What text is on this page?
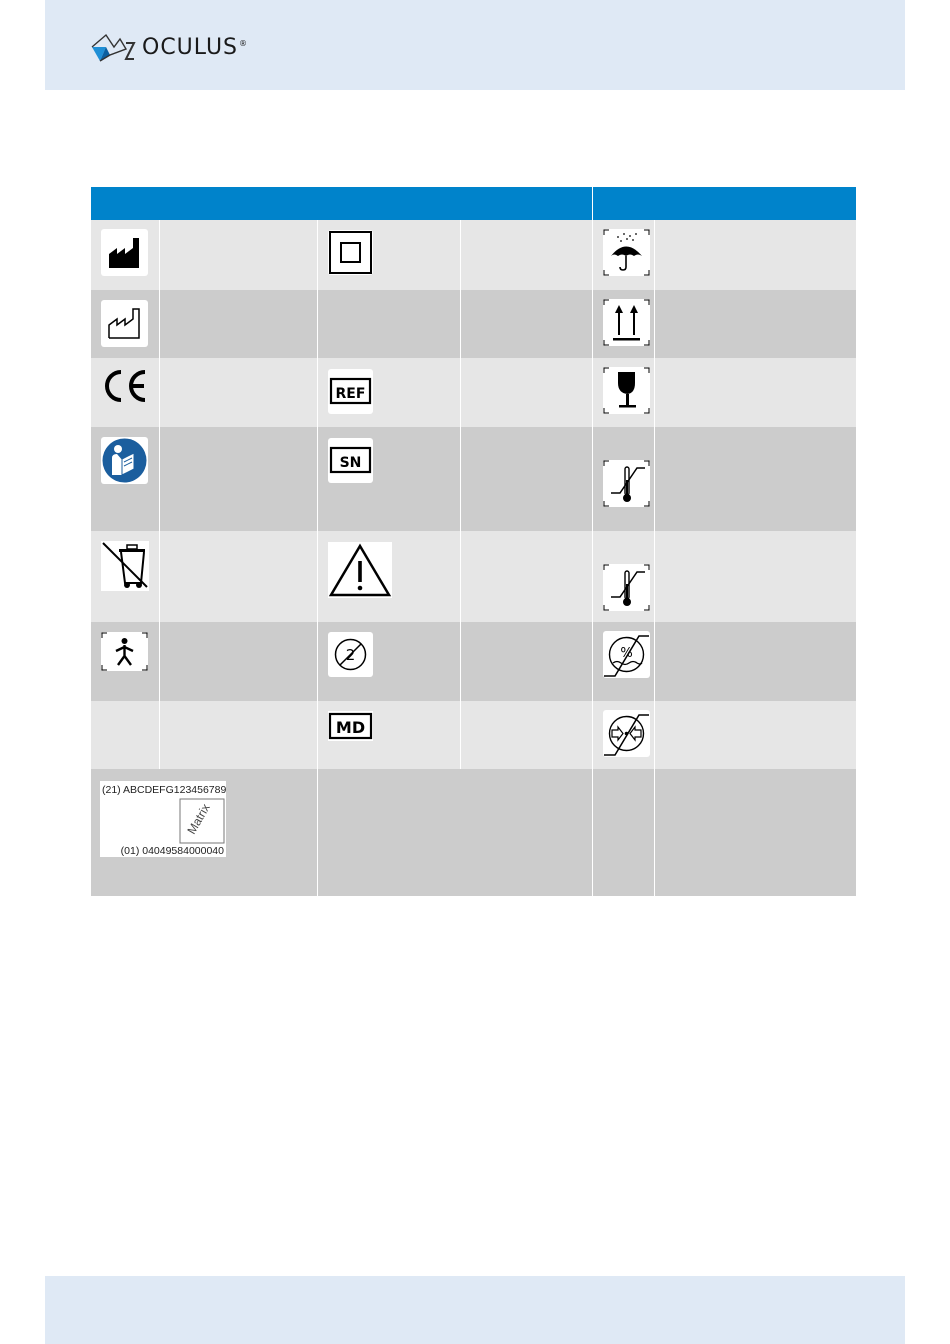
OCULUS®
REF
SN
2	%
MD
(21) ABCDEFG123456789
Matrix
(01) 04049584000040
